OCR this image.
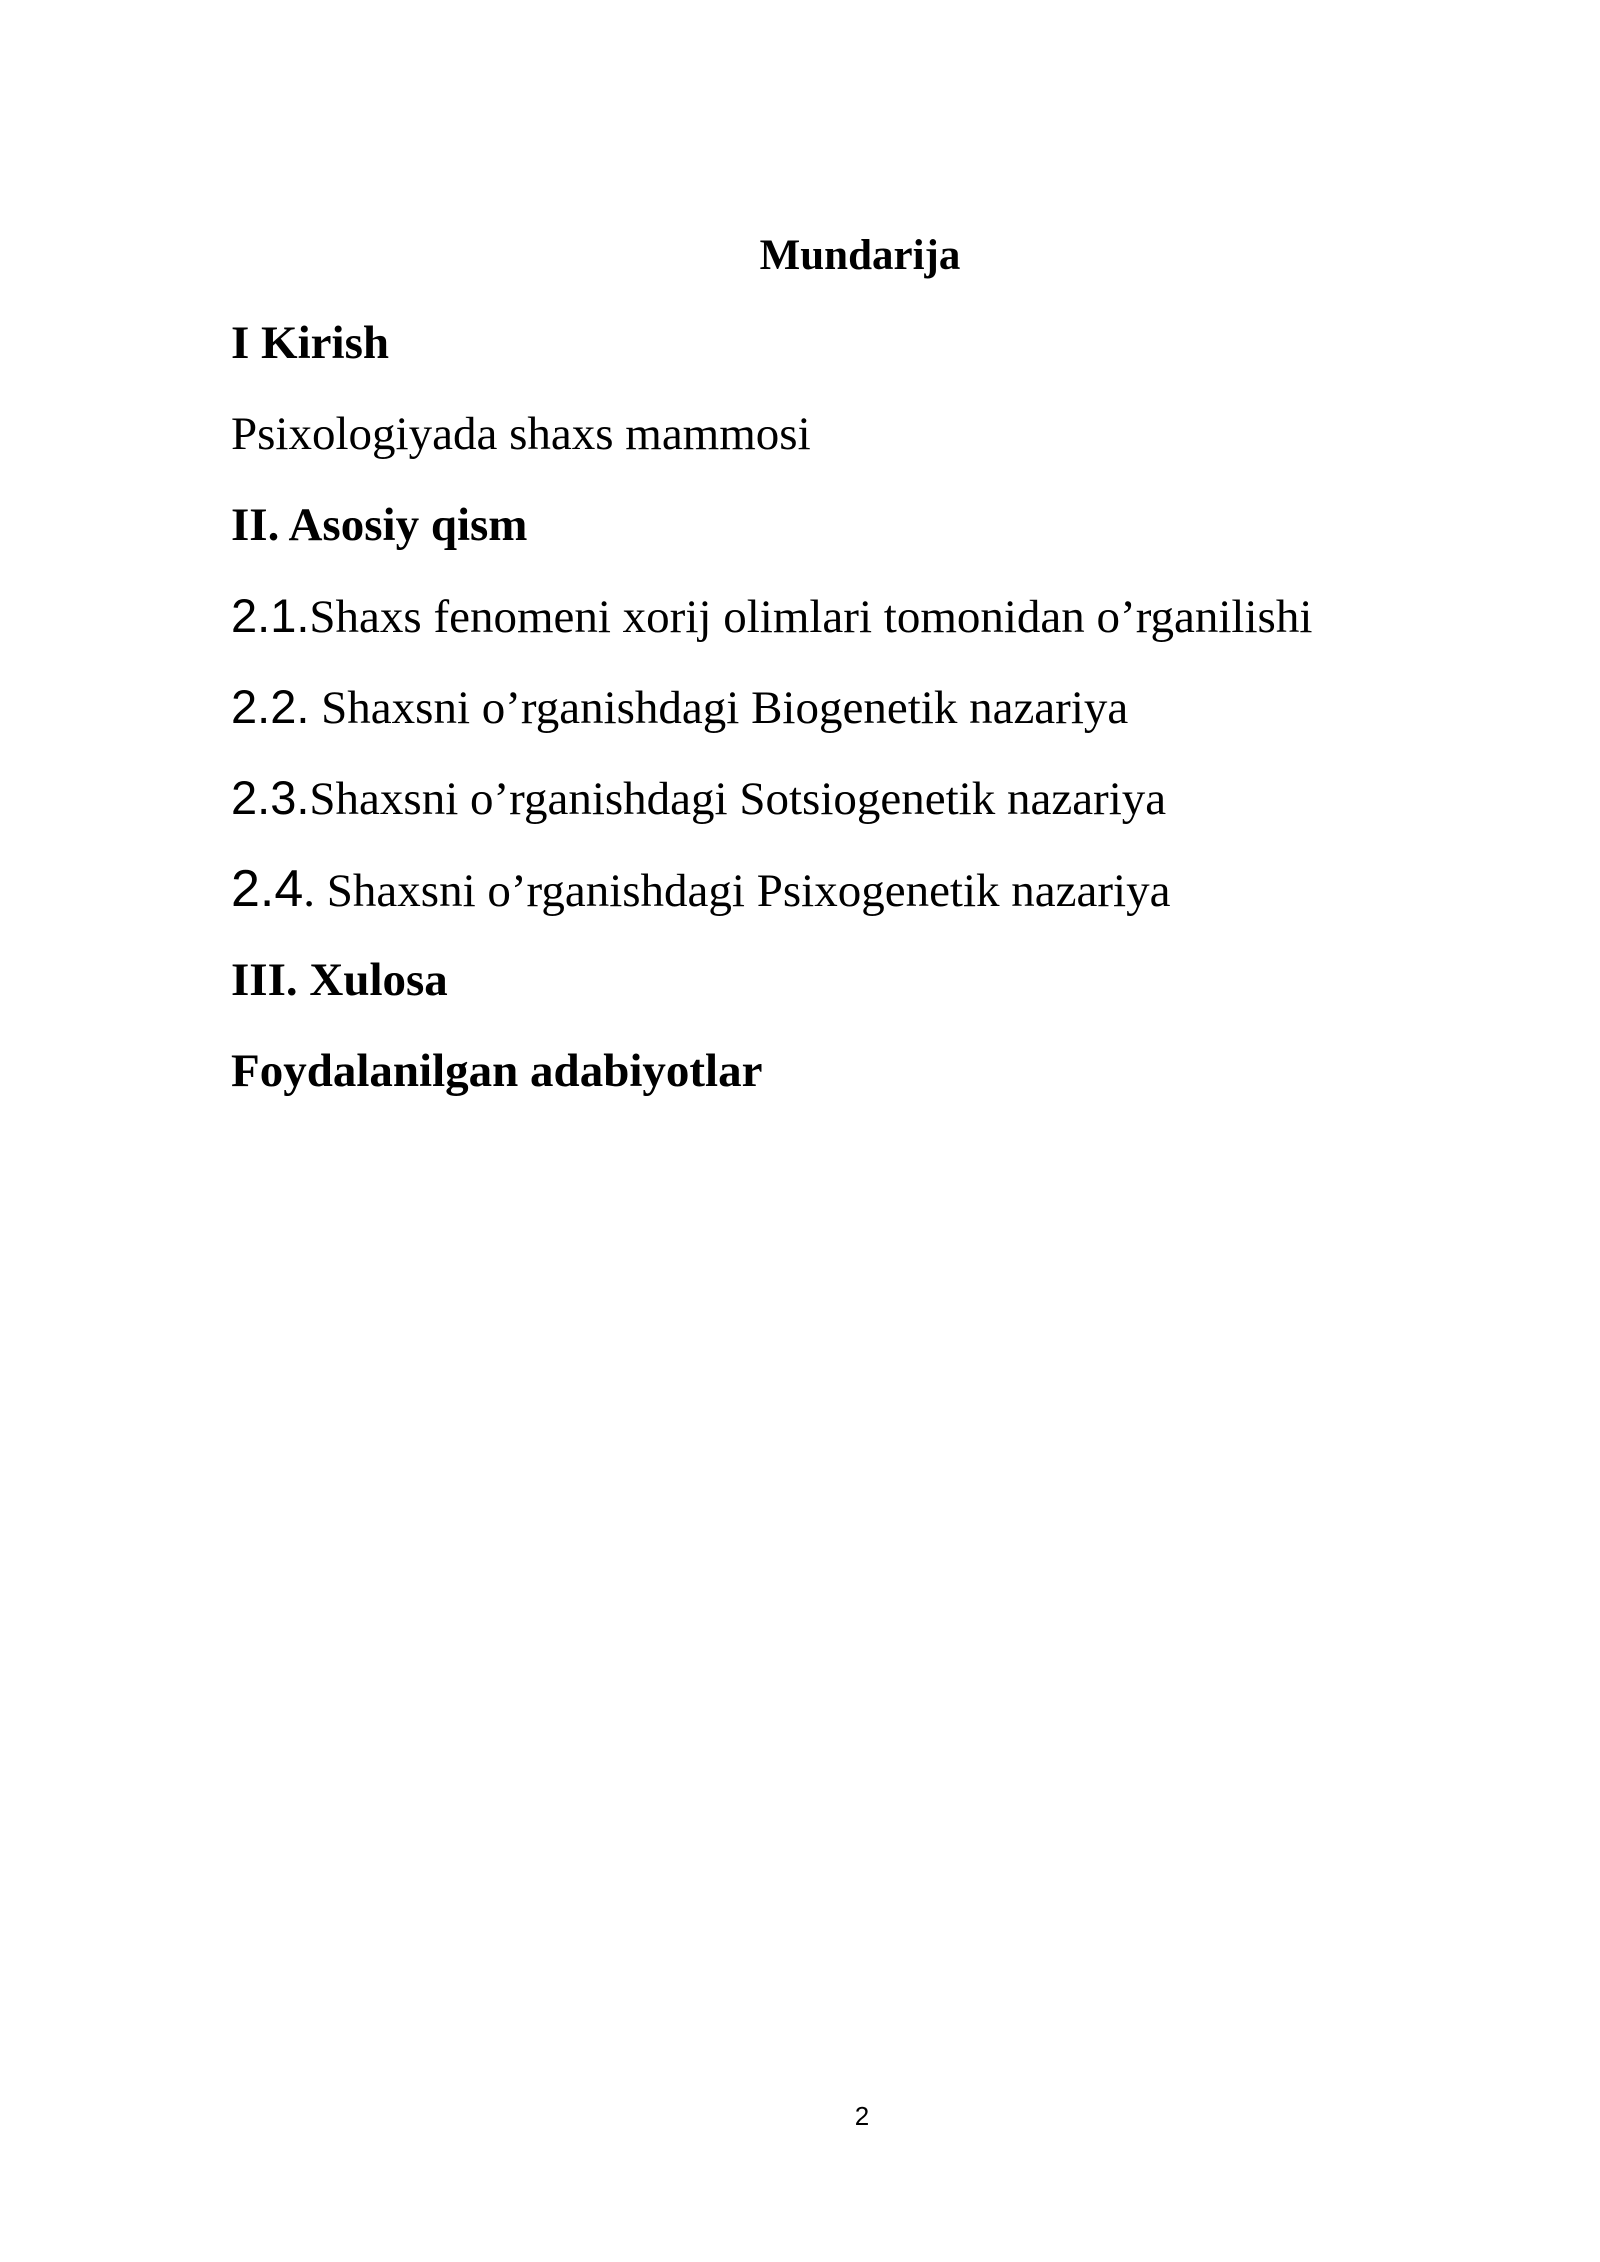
Mundarija
I Kirish
Psixologiyada shaxs mammosi
II. Asosiy qism
2.1.Shaxs fenomeni xorij olimlari tomonidan o’rganilishi
2.2. Shaxsni o’rganishdagi Biogenetik nazariya
2.3.Shaxsni o’rganishdagi Sotsiogenetik nazariya
2.4. Shaxsni o’rganishdagi Psixogenetik nazariya
III. Xulosa
Foydalanilgan adabiyotlar
2
